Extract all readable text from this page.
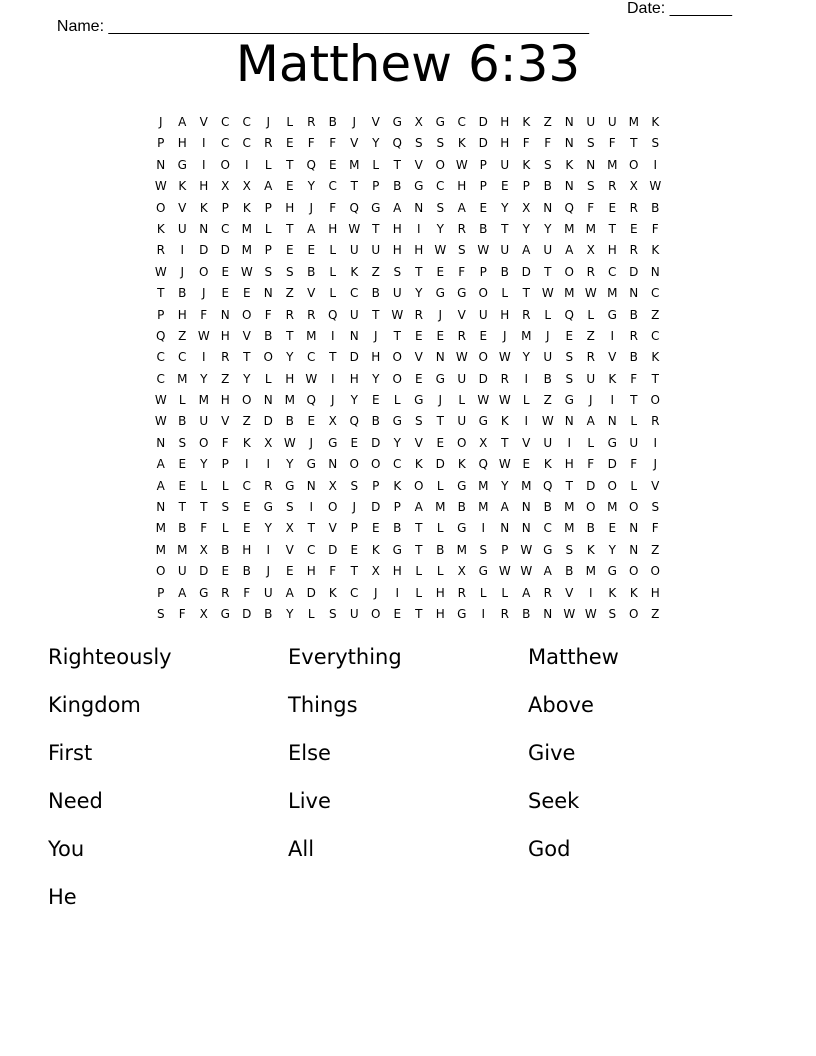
Name: ______________________________________________________

Date: _______

Matthew 6:33
J	A	V	C	C	J	L	R	B	J	V	G	X	G	C	D	H	K	Z	N	U	U M	K
P	H	I	C	C	R	E	F	F	V	Y	Q	S	S	K	D	H	F	F	N	S	F	T	S
N	G	I	O	I	L	T	Q	E	M	L	T	V	O W P	U	K	S	K	N M O	I
W K	H	X	X	A	E	Y	C	T	P	B	G	C	H	P	E	P	B	N	S	R	X W
O	V	K	P	K	P	H	J	F	Q	G	A	N	S	A	E	Y	X	N	Q	F	E	R	B
K	U	N	C	M	L	T	A	H W T	H	I	Y	R	B	T	Y	Y	M M	T	E	F
R	I	D	D M	P	E	E	L	U	U	H	H W S W U	A	U	A	X	H	R	K
W	J	O	E W S	S	B	L	K	Z	S	T	E	F	P	B	D	T	O	R	C	D	N
T	B	J	E	E	N	Z	V	L	C	B	U	Y	G	G	O	L	T W M W M N	C
P	H	F	N	O	F	R	R	Q	U	T W R	J	V	U	H	R	L	Q	L	G	B	Z
Q	Z W H	V	B	T	M	I	N	J	T	E	E	R	E	J	M	J	E	Z	I	R	C
C	C	I	R	T	O	Y	C	T	D	H	O	V	N W O W Y	U	S	R	V	B	K
C	M	Y	Z	Y	L	H W	I	H	Y	O	E	G	U	D	R	I	B	S	U	K	F	T
W	L	M H	O	N M Q	J	Y	E	L	G	J	L	W W	L	Z	G	J	I	T	O
W B	U	V	Z	D	B	E	X	Q	B	G	S	T	U	G	K	I	W N	A	N	L	R
N	S	O	F	K	X W	J	G	E	D	Y	V	E	O	X	T	V	U	I	L	G	U	I
A	E	Y	P	I	I	Y	G	N	O	O	C	K	D	K	Q W E	K	H	F	D	F	J
A	E	L	L	C	R	G	N	X	S	P	K	O	L	G M	Y	M Q	T	D	O	L	V
N	T	T	S	E	G	S	I	O	J	D	P	A	M	B	M	A	N	B	M O M O	S
M	B	F	L	E	Y	X	T	V	P	E	B	T	L	G	I	N	N	C	M	B	E	N	F
M M	X	B	H	I	V	C	D	E	K	G	T	B	M	S	P W G	S	K	Y	N	Z
O	U	D	E	B	J	E	H	F	T	X	H	L	L	X	G W W A	B	M G	O	O
P	A	G	R	F	U	A	D	K	C	J	I	L	H	R	L	L	A	R	V	I	K	K	H
S	F	X	G	D	B	Y	L	S	U	O	E	T	H	G	I	R	B	N W W S	O	Z
Righteously	Everything	Matthew
Kingdom	Things	Above
First	Else	Give
Need	Live	Seek
You	All	God
He
